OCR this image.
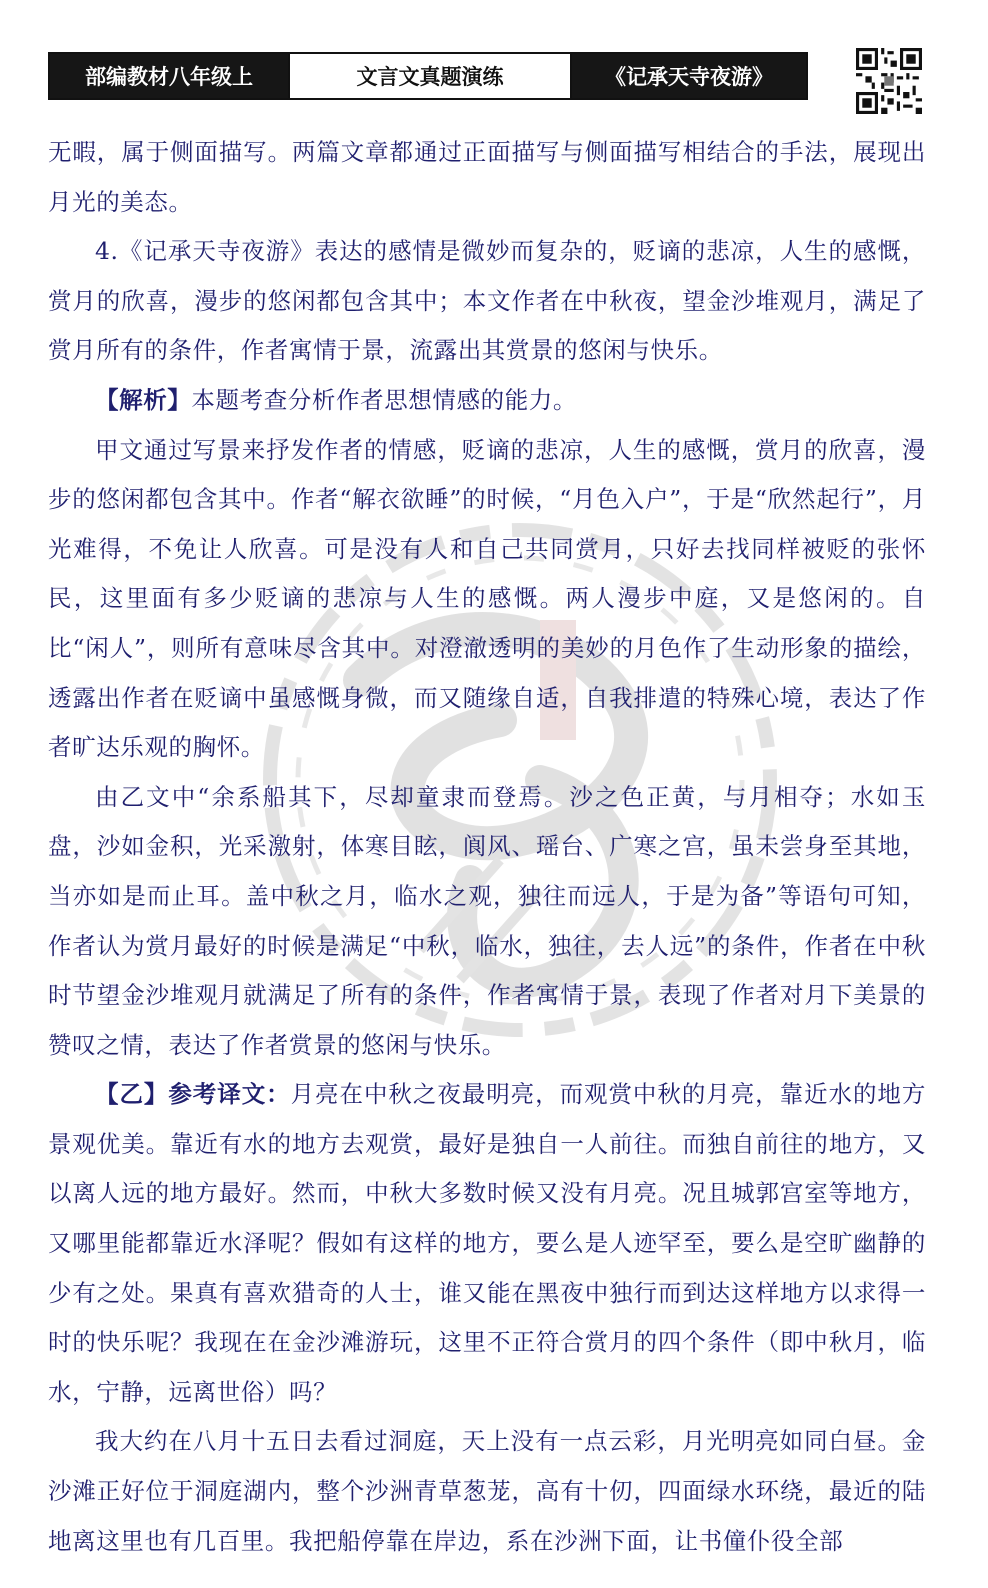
部编教材八年级上	文言文真题演练	《记承天寺夜游》

无暇，属于侧面描写。两篇文章都通过正面描写与侧面描写相结合的手法，展现出月光的美态。

4.《记承天寺夜游》表达的感情是微妙而复杂的，贬谪的悲凉，人生的感慨，赏月的欣喜，漫步的悠闲都包含其中；本文作者在中秋夜，望金沙堆观月，满足了赏月所有的条件，作者寓情于景，流露出其赏景的悠闲与快乐。

【解析】本题考查分析作者思想情感的能力。

甲文通过写景来抒发作者的情感，贬谪的悲凉，人生的感慨，赏月的欣喜，漫步的悠闲都包含其中。作者“解衣欲睡”的时候，“月色入户”，于是“欣然起行”，月光难得，不免让人欣喜。可是没有人和自己共同赏月，只好去找同样被贬的张怀民，这里面有多少贬谪的悲凉与人生的感慨。两人漫步中庭，又是悠闲的。自比“闲人”，则所有意味尽含其中。对澄澈透明的美妙的月色作了生动形象的描绘，透露出作者在贬谪中虽感慨身微，而又随缘自适，自我排遣的特殊心境，表达了作者旷达乐观的胸怀。

由乙文中“余系船其下，尽却童隶而登焉。沙之色正黄，与月相夺；水如玉盘，沙如金积，光采激射，体寒目眩，阆风、瑶台、广寒之宫，虽未尝身至其地，当亦如是而止耳。盖中秋之月，临水之观，独往而远人，于是为备”等语句可知，作者认为赏月最好的时候是满足“中秋，临水，独往，去人远”的条件，作者在中秋时节望金沙堆观月就满足了所有的条件，作者寓情于景，表现了作者对月下美景的赞叹之情，表达了作者赏景的悠闲与快乐。

【乙】参考译文：月亮在中秋之夜最明亮，而观赏中秋的月亮，靠近水的地方景观优美。靠近有水的地方去观赏，最好是独自一人前往。而独自前往的地方，又以离人远的地方最好。然而，中秋大多数时候又没有月亮。况且城郭宫室等地方，又哪里能都靠近水泽呢？假如有这样的地方，要么是人迹罕至，要么是空旷幽静的少有之处。果真有喜欢猎奇的人士，谁又能在黑夜中独行而到达这样地方以求得一时的快乐呢？我现在在金沙滩游玩，这里不正符合赏月的四个条件（即中秋月，临水，宁静，远离世俗）吗？

我大约在八月十五日去看过洞庭，天上没有一点云彩，月光明亮如同白昼。金沙滩正好位于洞庭湖内，整个沙洲青草葱茏，高有十仞，四面绿水环绕，最近的陆地离这里也有几百里。我把船停靠在岸边，系在沙洲下面，让书僮仆役全部
